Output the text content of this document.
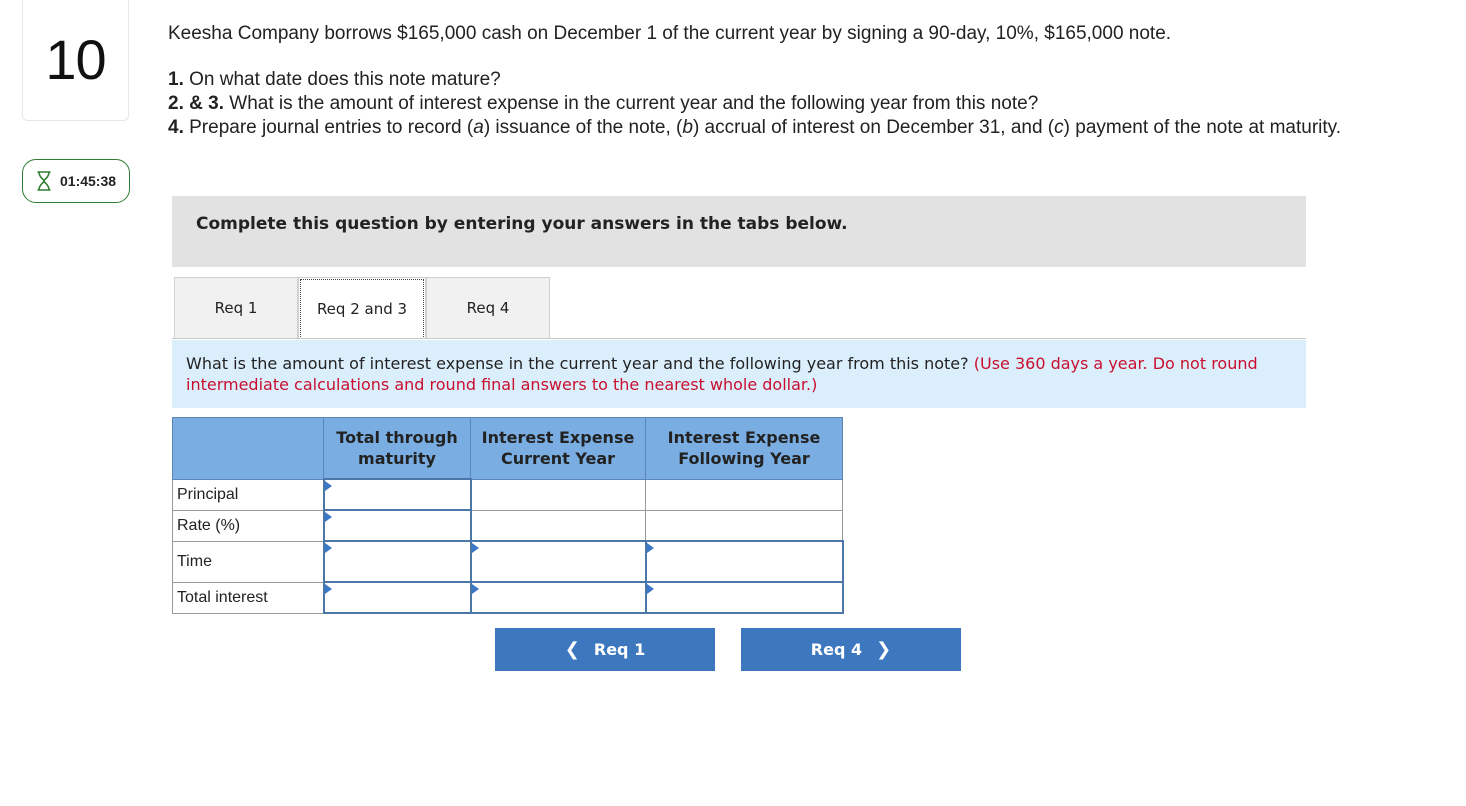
10
01:45:38

Keesha Company borrows $165,000 cash on December 1 of the current year by signing a 90-day, 10%, $165,000 note.

1. On what date does this note mature?
2. & 3. What is the amount of interest expense in the current year and the following year from this note?
4. Prepare journal entries to record (a) issuance of the note, (b) accrual of interest on December 31, and (c) payment of the note at maturity.
Complete this question by entering your answers in the tabs below.
Req 1	Req 2 and 3	Req 4
What is the amount of interest expense in the current year and the following year from this note? (Use 360 days a year. Do not round intermediate calculations and round final answers to the nearest whole dollar.)
	Total through maturity	Interest Expense Current Year	Interest Expense Following Year
Principal	

Rate (%)	

Time	

Total interest	

❮ Req 1	Req 4 ❯
